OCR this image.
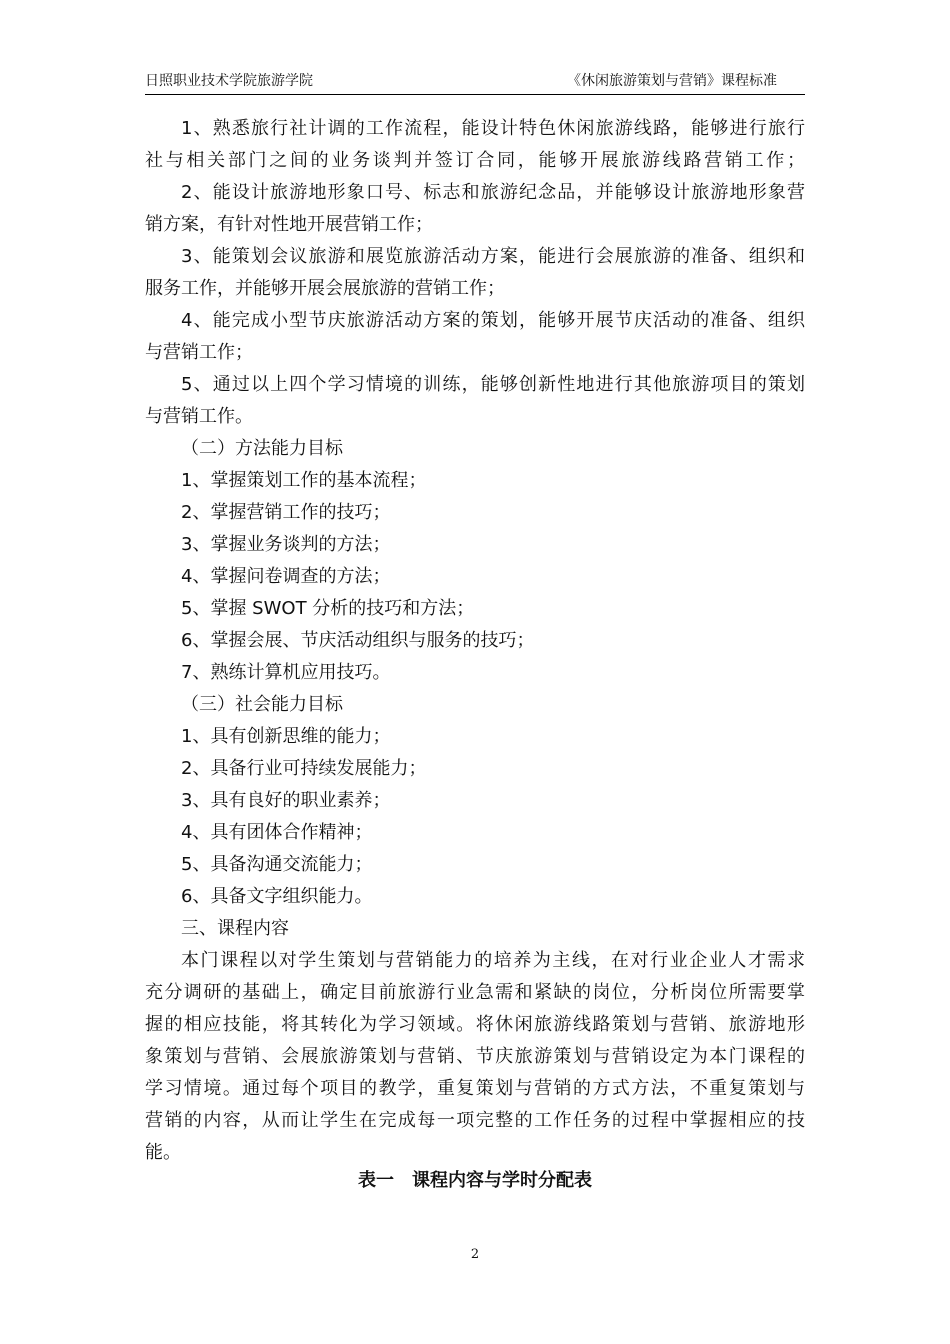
日照职业技术学院旅游学院	《休闲旅游策划与营销》课程标准
1、熟悉旅行社计调的工作流程，能设计特色休闲旅游线路，能够进行旅行
社与相关部门之间的业务谈判并签订合同，能够开展旅游线路营销工作；
2、能设计旅游地形象口号、标志和旅游纪念品，并能够设计旅游地形象营
销方案，有针对性地开展营销工作；
3、能策划会议旅游和展览旅游活动方案，能进行会展旅游的准备、组织和
服务工作，并能够开展会展旅游的营销工作；
4、能完成小型节庆旅游活动方案的策划，能够开展节庆活动的准备、组织
与营销工作；
5、通过以上四个学习情境的训练，能够创新性地进行其他旅游项目的策划
与营销工作。
（二）方法能力目标
1、掌握策划工作的基本流程；
2、掌握营销工作的技巧；
3、掌握业务谈判的方法；
4、掌握问卷调查的方法；
5、掌握 SWOT 分析的技巧和方法；
6、掌握会展、节庆活动组织与服务的技巧；
7、熟练计算机应用技巧。
（三）社会能力目标
1、具有创新思维的能力；
2、具备行业可持续发展能力；
3、具有良好的职业素养；
4、具有团体合作精神；
5、具备沟通交流能力；
6、具备文字组织能力。
三、课程内容
本门课程以对学生策划与营销能力的培养为主线，在对行业企业人才需求
充分调研的基础上，确定目前旅游行业急需和紧缺的岗位，分析岗位所需要掌
握的相应技能，将其转化为学习领域。将休闲旅游线路策划与营销、旅游地形
象策划与营销、会展旅游策划与营销、节庆旅游策划与营销设定为本门课程的
学习情境。通过每个项目的教学，重复策划与营销的方式方法，不重复策划与
营销的内容，从而让学生在完成每一项完整的工作任务的过程中掌握相应的技
能。
表一　课程内容与学时分配表
2
